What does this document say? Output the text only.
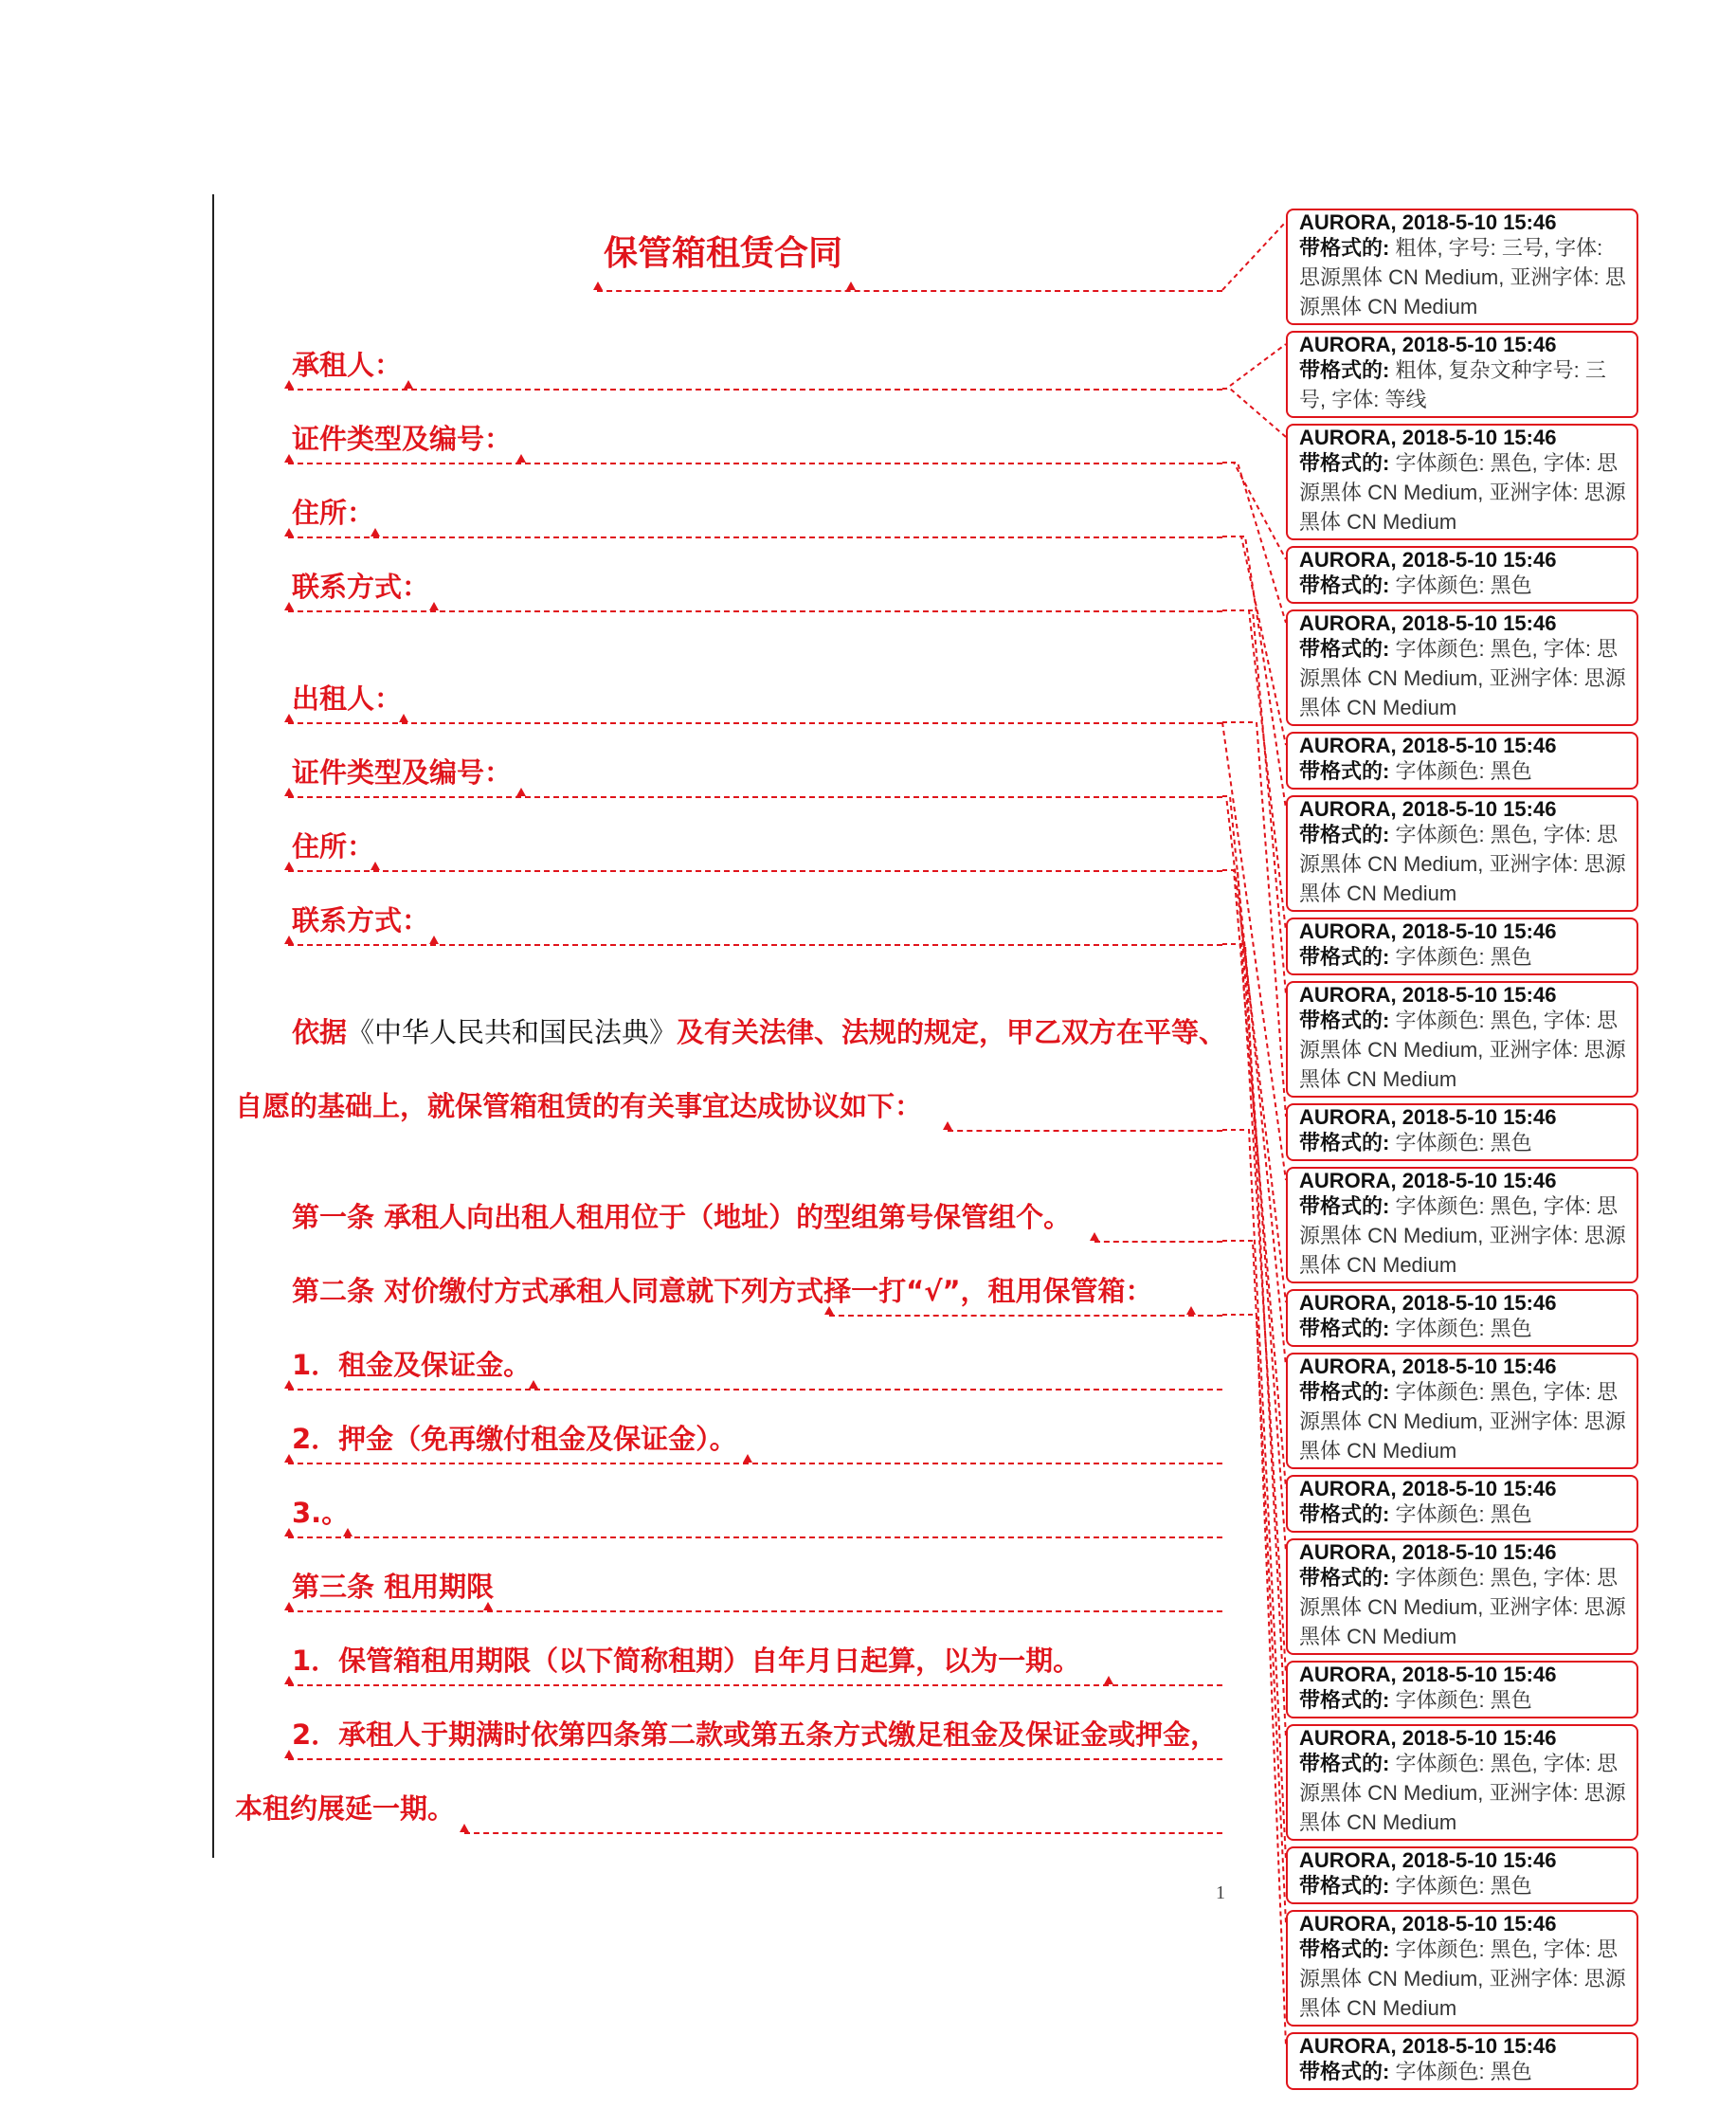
保管箱租赁合同
承租人：
证件类型及编号：
住所：
联系方式：
出租人：
证件类型及编号：
住所：
联系方式：
依据《中华人民共和国民法典》及有关法律、法规的规定，甲乙双方在平等、
自愿的基础上，就保管箱租赁的有关事宜达成协议如下：
第一条 承租人向出租人租用位于（地址）的型组第号保管组个。
第二条 对价缴付方式承租人同意就下列方式择一打“√”，租用保管箱：
1．租金及保证金。
2．押金（免再缴付租金及保证金）。
3.。
第三条 租用期限
1．保管箱租用期限（以下简称租期）自年月日起算，以为一期。
2．承租人于期满时依第四条第二款或第五条方式缴足租金及保证金或押金，
本租约展延一期。
1
AURORA, 2018-5-10 15:46
带格式的: 粗体, 字号: 三号, 字体: 思源黑体 CN Medium, 亚洲字体: 思源黑体 CN Medium
AURORA, 2018-5-10 15:46
带格式的: 粗体, 复杂文种字号: 三号, 字体: 等线
AURORA, 2018-5-10 15:46
带格式的: 字体颜色: 黑色, 字体: 思源黑体 CN Medium, 亚洲字体: 思源黑体 CN Medium
AURORA, 2018-5-10 15:46
带格式的: 字体颜色: 黑色
AURORA, 2018-5-10 15:46
带格式的: 字体颜色: 黑色, 字体: 思源黑体 CN Medium, 亚洲字体: 思源黑体 CN Medium
AURORA, 2018-5-10 15:46
带格式的: 字体颜色: 黑色
AURORA, 2018-5-10 15:46
带格式的: 字体颜色: 黑色, 字体: 思源黑体 CN Medium, 亚洲字体: 思源黑体 CN Medium
AURORA, 2018-5-10 15:46
带格式的: 字体颜色: 黑色
AURORA, 2018-5-10 15:46
带格式的: 字体颜色: 黑色, 字体: 思源黑体 CN Medium, 亚洲字体: 思源黑体 CN Medium
AURORA, 2018-5-10 15:46
带格式的: 字体颜色: 黑色
AURORA, 2018-5-10 15:46
带格式的: 字体颜色: 黑色, 字体: 思源黑体 CN Medium, 亚洲字体: 思源黑体 CN Medium
AURORA, 2018-5-10 15:46
带格式的: 字体颜色: 黑色
AURORA, 2018-5-10 15:46
带格式的: 字体颜色: 黑色, 字体: 思源黑体 CN Medium, 亚洲字体: 思源黑体 CN Medium
AURORA, 2018-5-10 15:46
带格式的: 字体颜色: 黑色
AURORA, 2018-5-10 15:46
带格式的: 字体颜色: 黑色, 字体: 思源黑体 CN Medium, 亚洲字体: 思源黑体 CN Medium
AURORA, 2018-5-10 15:46
带格式的: 字体颜色: 黑色
AURORA, 2018-5-10 15:46
带格式的: 字体颜色: 黑色, 字体: 思源黑体 CN Medium, 亚洲字体: 思源黑体 CN Medium
AURORA, 2018-5-10 15:46
带格式的: 字体颜色: 黑色
AURORA, 2018-5-10 15:46
带格式的: 字体颜色: 黑色, 字体: 思源黑体 CN Medium, 亚洲字体: 思源黑体 CN Medium
AURORA, 2018-5-10 15:46
带格式的: 字体颜色: 黑色
